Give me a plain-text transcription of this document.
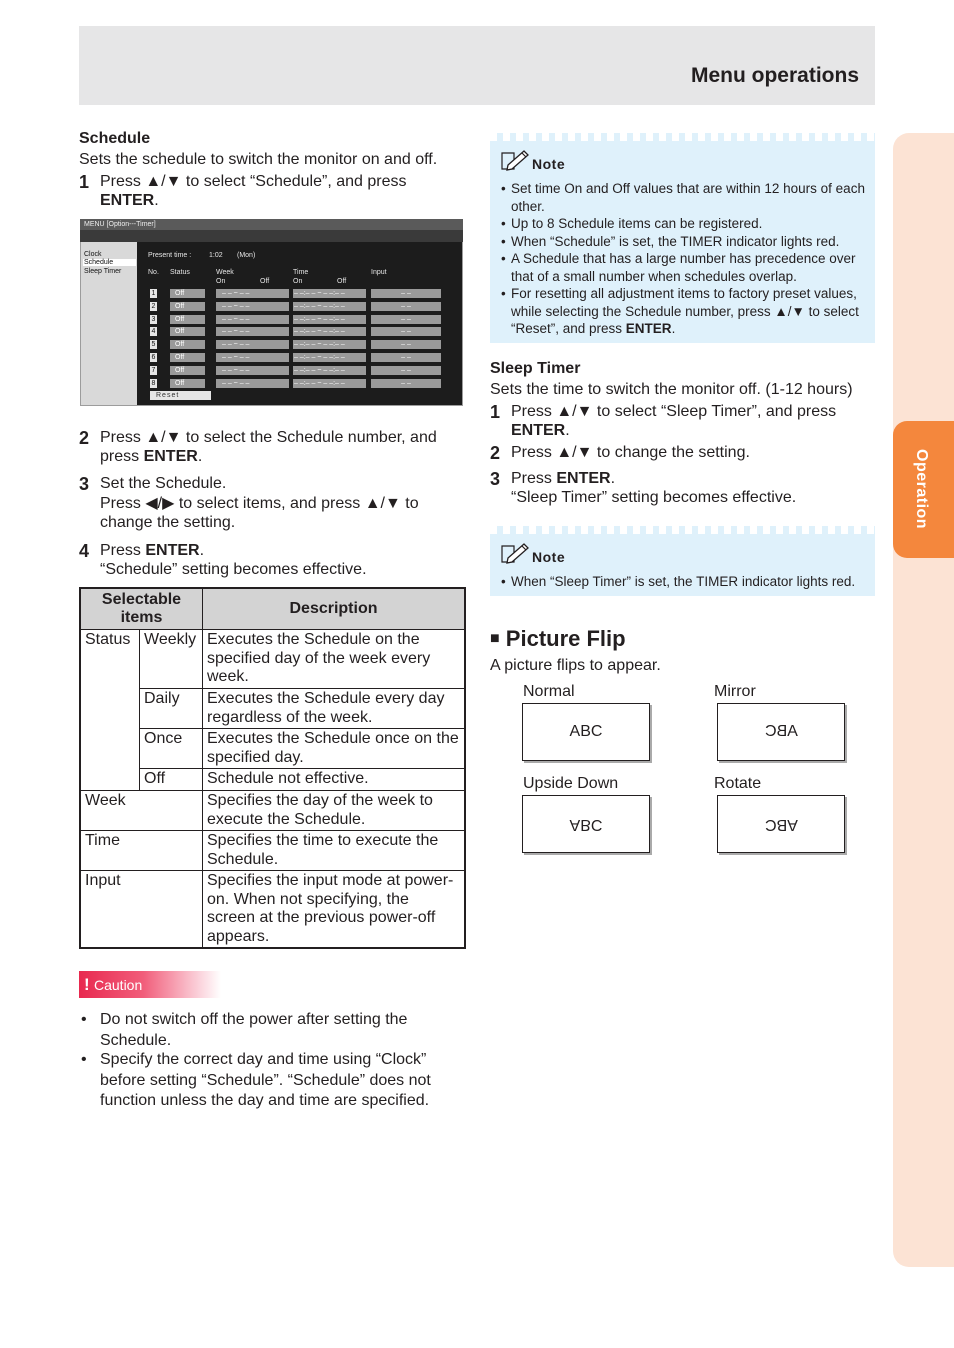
Menu operations
Operation
Schedule
Sets the schedule to switch the monitor on and off.
1 Press ▲/▼ to select “Schedule”, and press
ENTER.
MENU [Option---Timer]
Clock
Schedule
Sleep Timer
Present time :	1:02 (Mon)
No. Status	Week	Time	Input
On	Off	On	Off
1	Off	– – ~ – –	– –:– – ~ – –:– –	– –
2	Off	– – ~ – –	– –:– – ~ – –:– –	– –
3	Off	– – ~ – –	– –:– – ~ – –:– –	– –
4	Off	– – ~ – –	– –:– – ~ – –:– –	– –
5	Off	– – ~ – –	– –:– – ~ – –:– –	– –
6	Off	– – ~ – –	– –:– – ~ – –:– –	– –
7	Off	– – ~ – –	– –:– – ~ – –:– –	– –
8	Off	– – ~ – –	– –:– – ~ – –:– –	– –
Reset
2 Press ▲/▼ to select the Schedule number, and
press ENTER.
3 Set the Schedule.
Press ◀/▶ to select items, and press ▲/▼ to
change the setting.
4 Press ENTER.
“Schedule” setting becomes effective.
Selectable items		Description
Status	Weekly	Executes the Schedule on the specified day of the week every week.
	Daily	Executes the Schedule every day regardless of the week.
	Once	Executes the Schedule once on the specified day.
	Off	Schedule not effective.
Week		Specifies the day of the week to execute the Schedule.
Time		Specifies the time to execute the Schedule.
Input		Specifies the input mode at power-on. When not specifying, the screen at the previous power-off appears.
! Caution
• Do not switch off the power after setting the Schedule.
• Specify the correct day and time using “Clock” before setting “Schedule”. “Schedule” does not function unless the day and time are specified.
Note
• Set time On and Off values that are within 12 hours of each other.
• Up to 8 Schedule items can be registered.
• When “Schedule” is set, the TIMER indicator lights red.
• A Schedule that has a large number has precedence over that of a small number when schedules overlap.
• For resetting all adjustment items to factory preset values, while selecting the Schedule number, press ▲/▼ to select “Reset”, and press ENTER.
Sleep Timer
Sets the time to switch the monitor off. (1-12 hours)
1 Press ▲/▼ to select “Sleep Timer”, and press
ENTER.
2 Press ▲/▼ to change the setting.
3 Press ENTER.
“Sleep Timer” setting becomes effective.
Note
• When “Sleep Timer” is set, the TIMER indicator lights red.
■ Picture Flip
A picture flips to appear.
Normal	Mirror
ABC	ABC
Upside Down	Rotate
ABC	ABC
